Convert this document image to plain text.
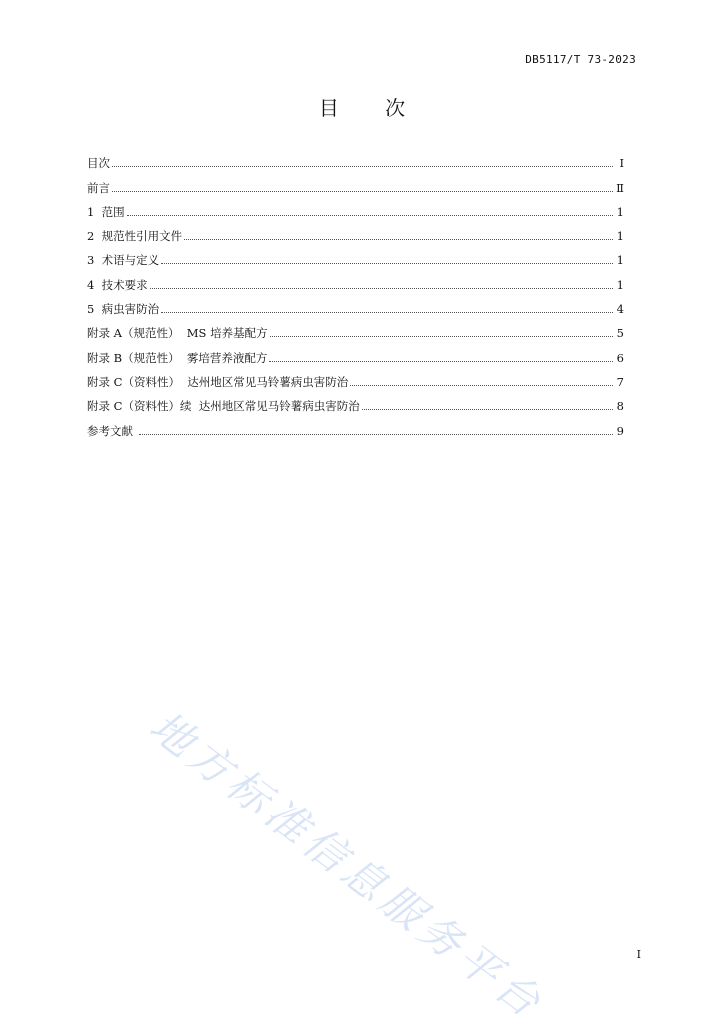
DB5117/T 73-2023
目 次
目次	Ⅰ
前言	Ⅱ
1  范围	1
2  规范性引用文件	1
3  术语与定义	1
4  技术要求	1
5  病虫害防治	4
附录 A（规范性）  MS 培养基配方	5
附录 B（规范性）  雾培营养液配方	6
附录 C（资料性）  达州地区常见马铃薯病虫害防治	7
附录 C（资料性）续  达州地区常见马铃薯病虫害防治	8
参考文献	9
地方标准信息服务平台	I
